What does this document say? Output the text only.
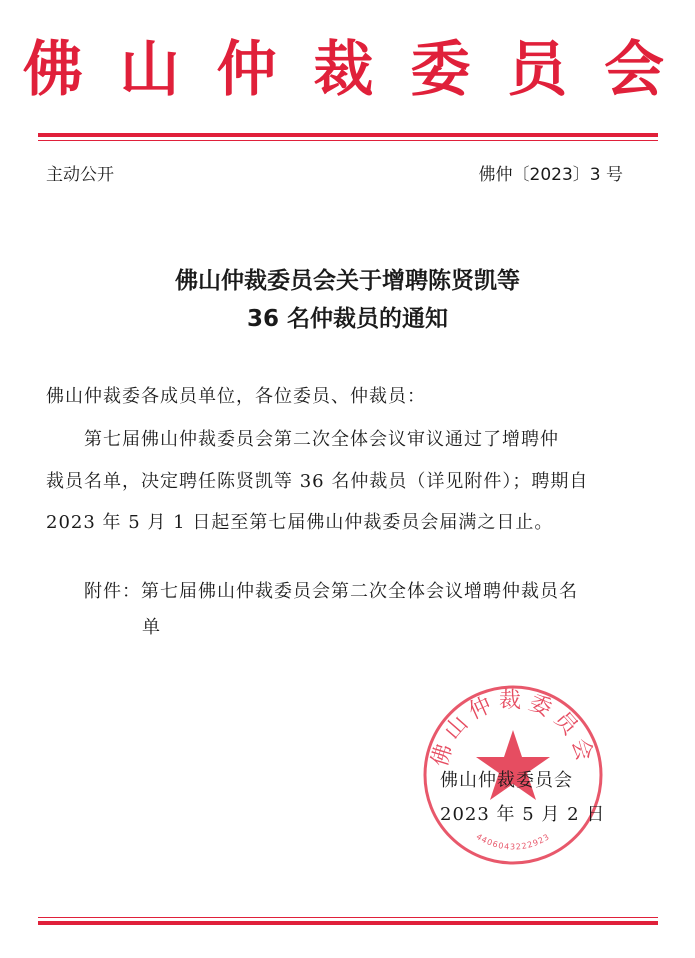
佛 山 仲 裁 委 员 会
主动公开	佛仲〔2023〕3 号
佛山仲裁委员会关于增聘陈贤凯等
36 名仲裁员的通知
佛山仲裁委各成员单位，各位委员、仲裁员：
第七届佛山仲裁委员会第二次全体会议审议通过了增聘仲
裁员名单，决定聘任陈贤凯等 36 名仲裁员（详见附件）；聘期自
2023 年 5 月 1 日起至第七届佛山仲裁委员会届满之日止。
附件：第七届佛山仲裁委员会第二次全体会议增聘仲裁员名
单
佛山仲裁委员会
4406043222923
佛山仲裁委员会
2023 年 5 月 2 日
